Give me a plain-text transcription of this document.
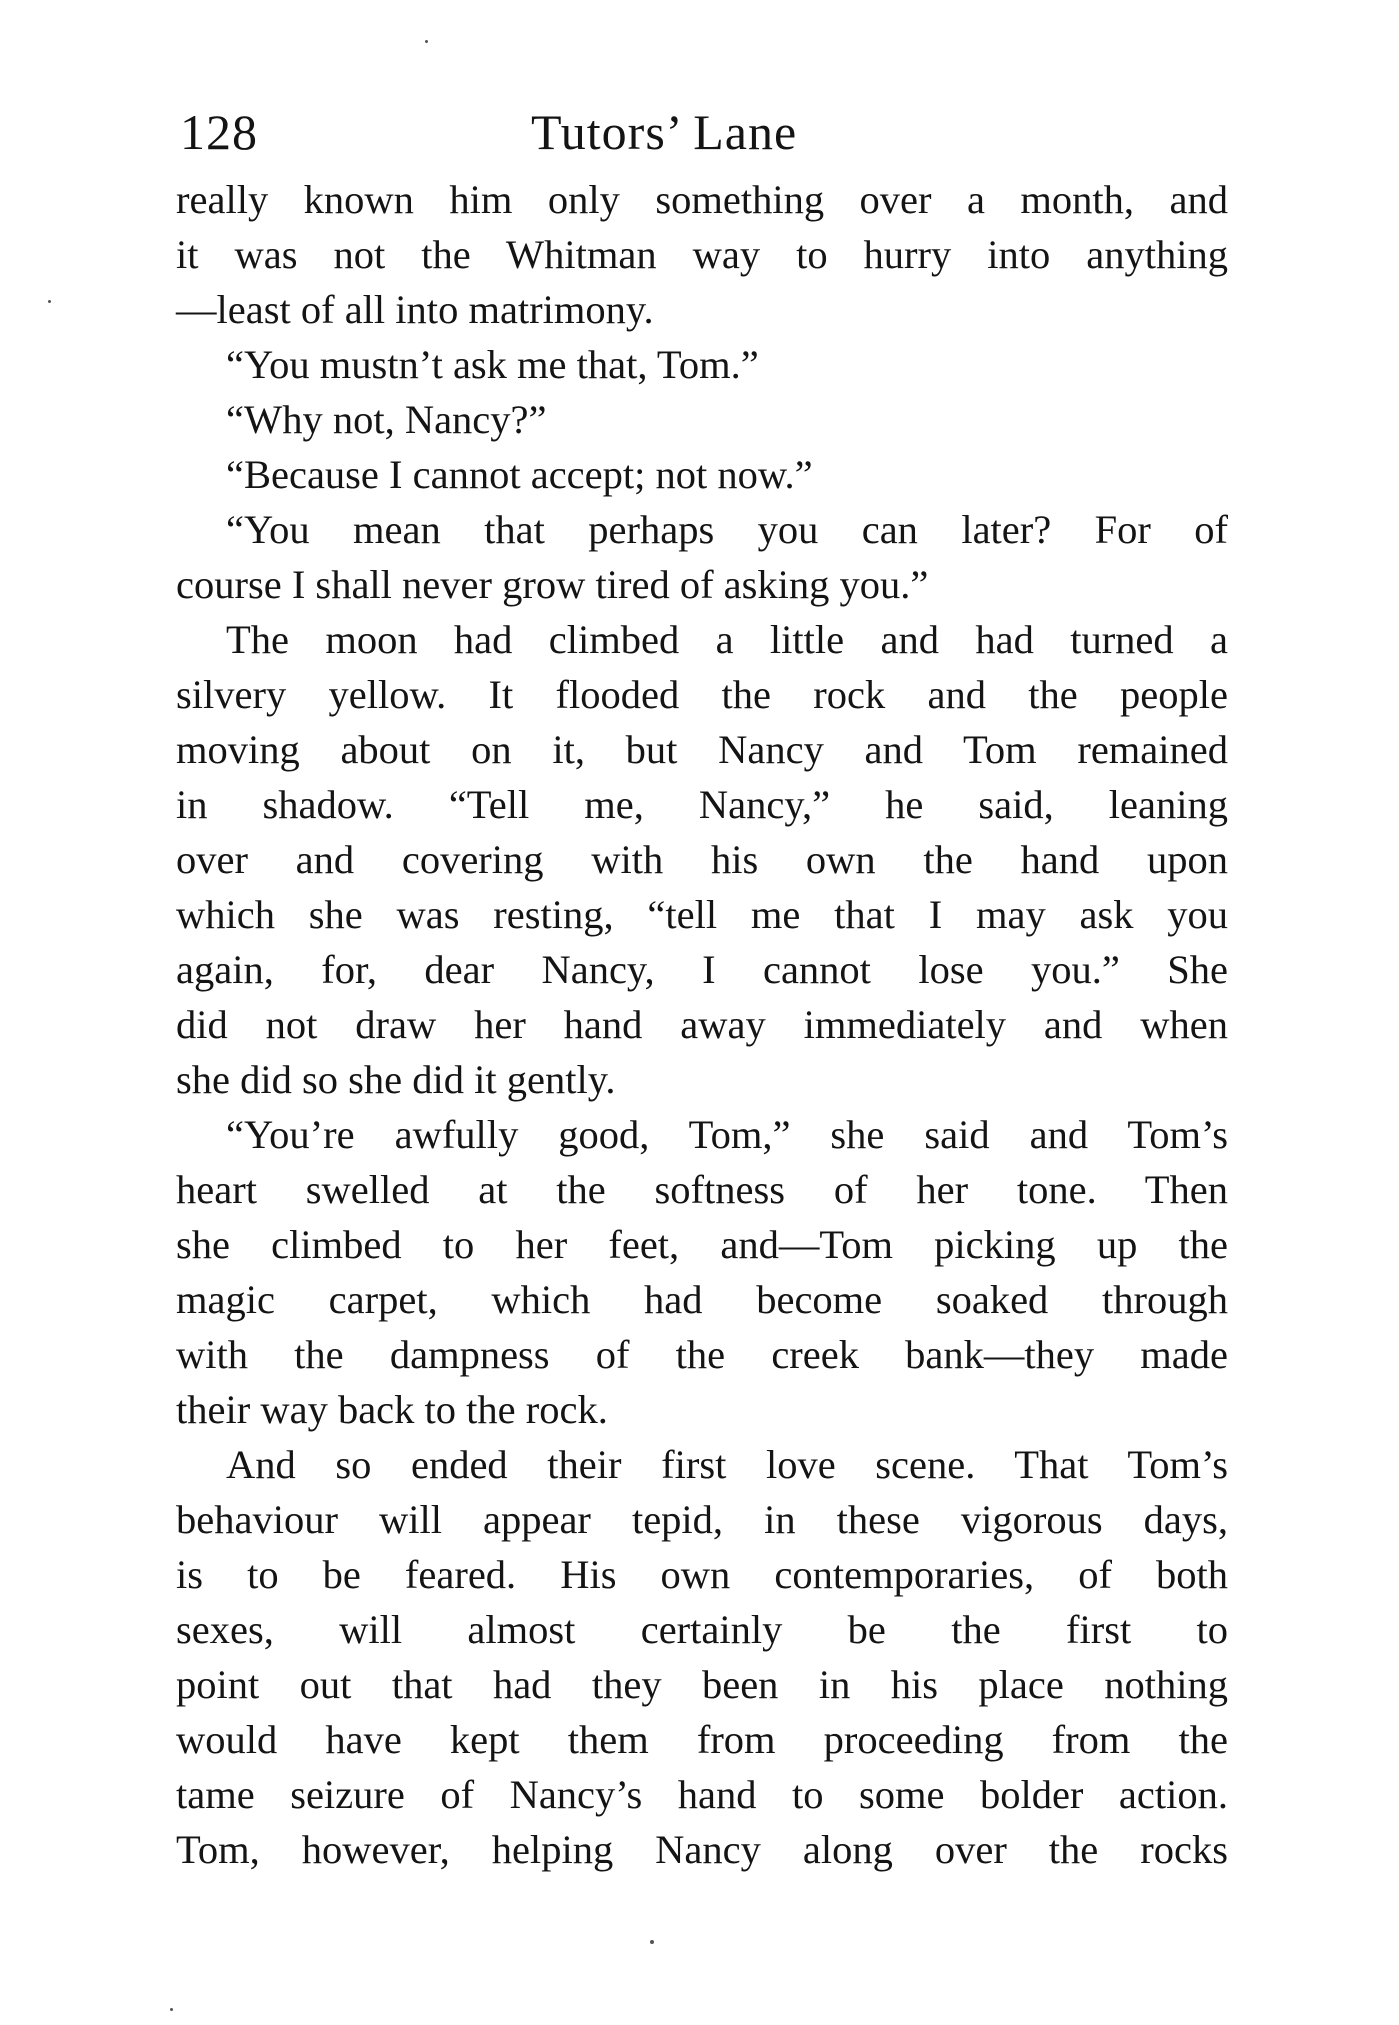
128	Tutors’ Lane
really known him only something over a month, and
it was not the Whitman way to hurry into anything
—least of all into matrimony.
“You mustn’t ask me that, Tom.”
“Why not, Nancy?”
“Because I cannot accept; not now.”
“You mean that perhaps you can later? For of
course I shall never grow tired of asking you.”
The moon had climbed a little and had turned a
silvery yellow. It flooded the rock and the people
moving about on it, but Nancy and Tom remained
in shadow. “Tell me, Nancy,” he said, leaning
over and covering with his own the hand upon
which she was resting, “tell me that I may ask you
again, for, dear Nancy, I cannot lose you.” She
did not draw her hand away immediately and when
she did so she did it gently.
“You’re awfully good, Tom,” she said and Tom’s
heart swelled at the softness of her tone. Then
she climbed to her feet, and—Tom picking up the
magic carpet, which had become soaked through
with the dampness of the creek bank—they made
their way back to the rock.
And so ended their first love scene. That Tom’s
behaviour will appear tepid, in these vigorous days,
is to be feared. His own contemporaries, of both
sexes, will almost certainly be the first to
point out that had they been in his place nothing
would have kept them from proceeding from the
tame seizure of Nancy’s hand to some bolder action.
Tom, however, helping Nancy along over the rocks
